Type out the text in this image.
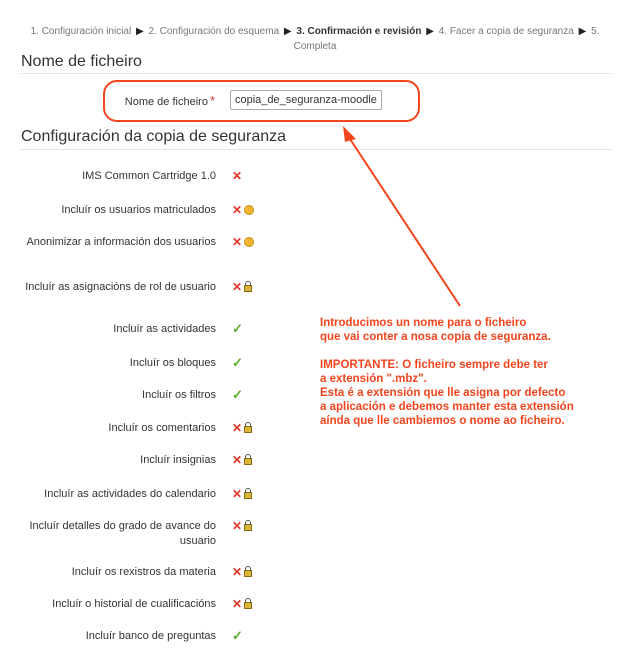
1. Configuración inicial ▶ 2. Configuración do esquema ▶ 3. Confirmación e revisión ▶ 4. Facer a copia de seguranza ▶ 5. Completa
Nome de ficheiro
Nome de ficheiro *
copia_de_seguranza-moodle2
Configuración da copia de seguranza
IMS Common Cartridge 1.0 ✕
Incluír os usuarios matriculados ✕
Anonimizar a información dos usuarios ✕
Incluír as asignacións de rol de usuario ✕
Incluír as actividades ✓
Incluír os bloques ✓
Incluír os filtros ✓
Incluír os comentarios ✕
Incluír insignias ✕
Incluír as actividades do calendario ✕
Incluír detalles do grado de avance do usuario
✕
Incluír os rexistros da materia ✕
Incluír o historial de cualificacións ✕
Incluír banco de preguntas ✓

Introducimos un nome para o ficheiro
que vai conter a nosa copia de seguranza.

IMPORTANTE: O ficheiro sempre debe ter
a extensión ".mbz".
Esta é a extensión que lle asigna por defecto
a aplicación e debemos manter esta extensión
aínda que lle cambiemos o nome ao ficheiro.
